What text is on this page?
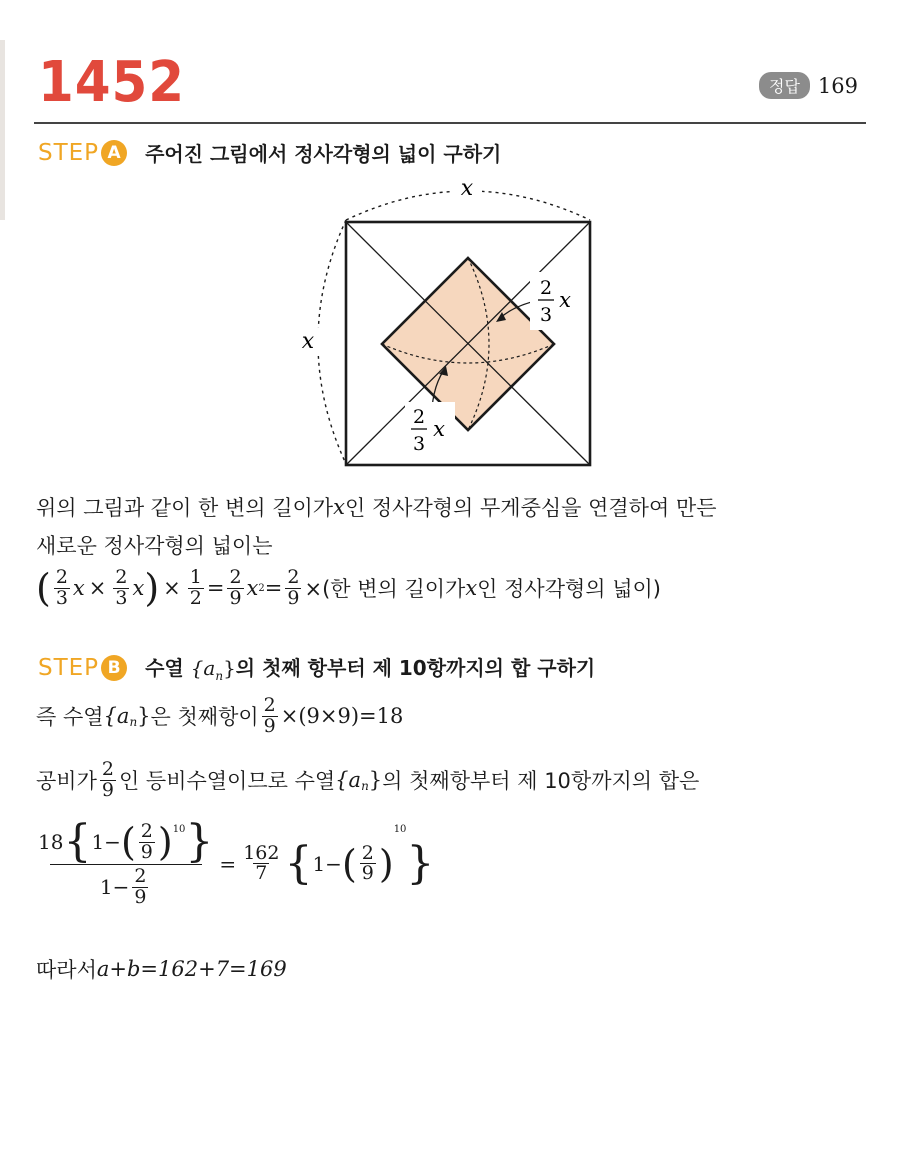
1452	정답 169
STEP A	주어진 그림에서 정사각형의 넓이 구하기
x
x
2
3
x
2
3
x
위의 그림과 같이 한 변의 길이가 x 인 정사각형의 무게중심을 연결하여 만든
새로운 정사각형의 넓이는
( $\frac{2}{3}$ $x \times \frac{2}{3}$ x ) × $\frac{1}{2} = \frac{2}{9}$ x $2 = \frac{2}{9}$ ×(한 변의 길이가 x 인 정사각형의 넓이)
STEP B	수열 $\{a_n\}$의 첫째 항부터 제 10항까지의 합 구하기
즉 수열 {a n } 은 첫째항이 $\frac{2}{9} \times(9\times 9)=18$
공비가 $\frac{2}{9}$ 인 등비수열이므로 수열 {a n } 의 첫째항부터 제 10항까지의 합은
18 { 1− ( $\frac{2}{9}$ ) 10 }
$1- \frac{2}{9}$
= $\frac{162}{7}$ { 1− ( $\frac{2}{9}$ )
10
}
따라서 a+b=162+7=169
